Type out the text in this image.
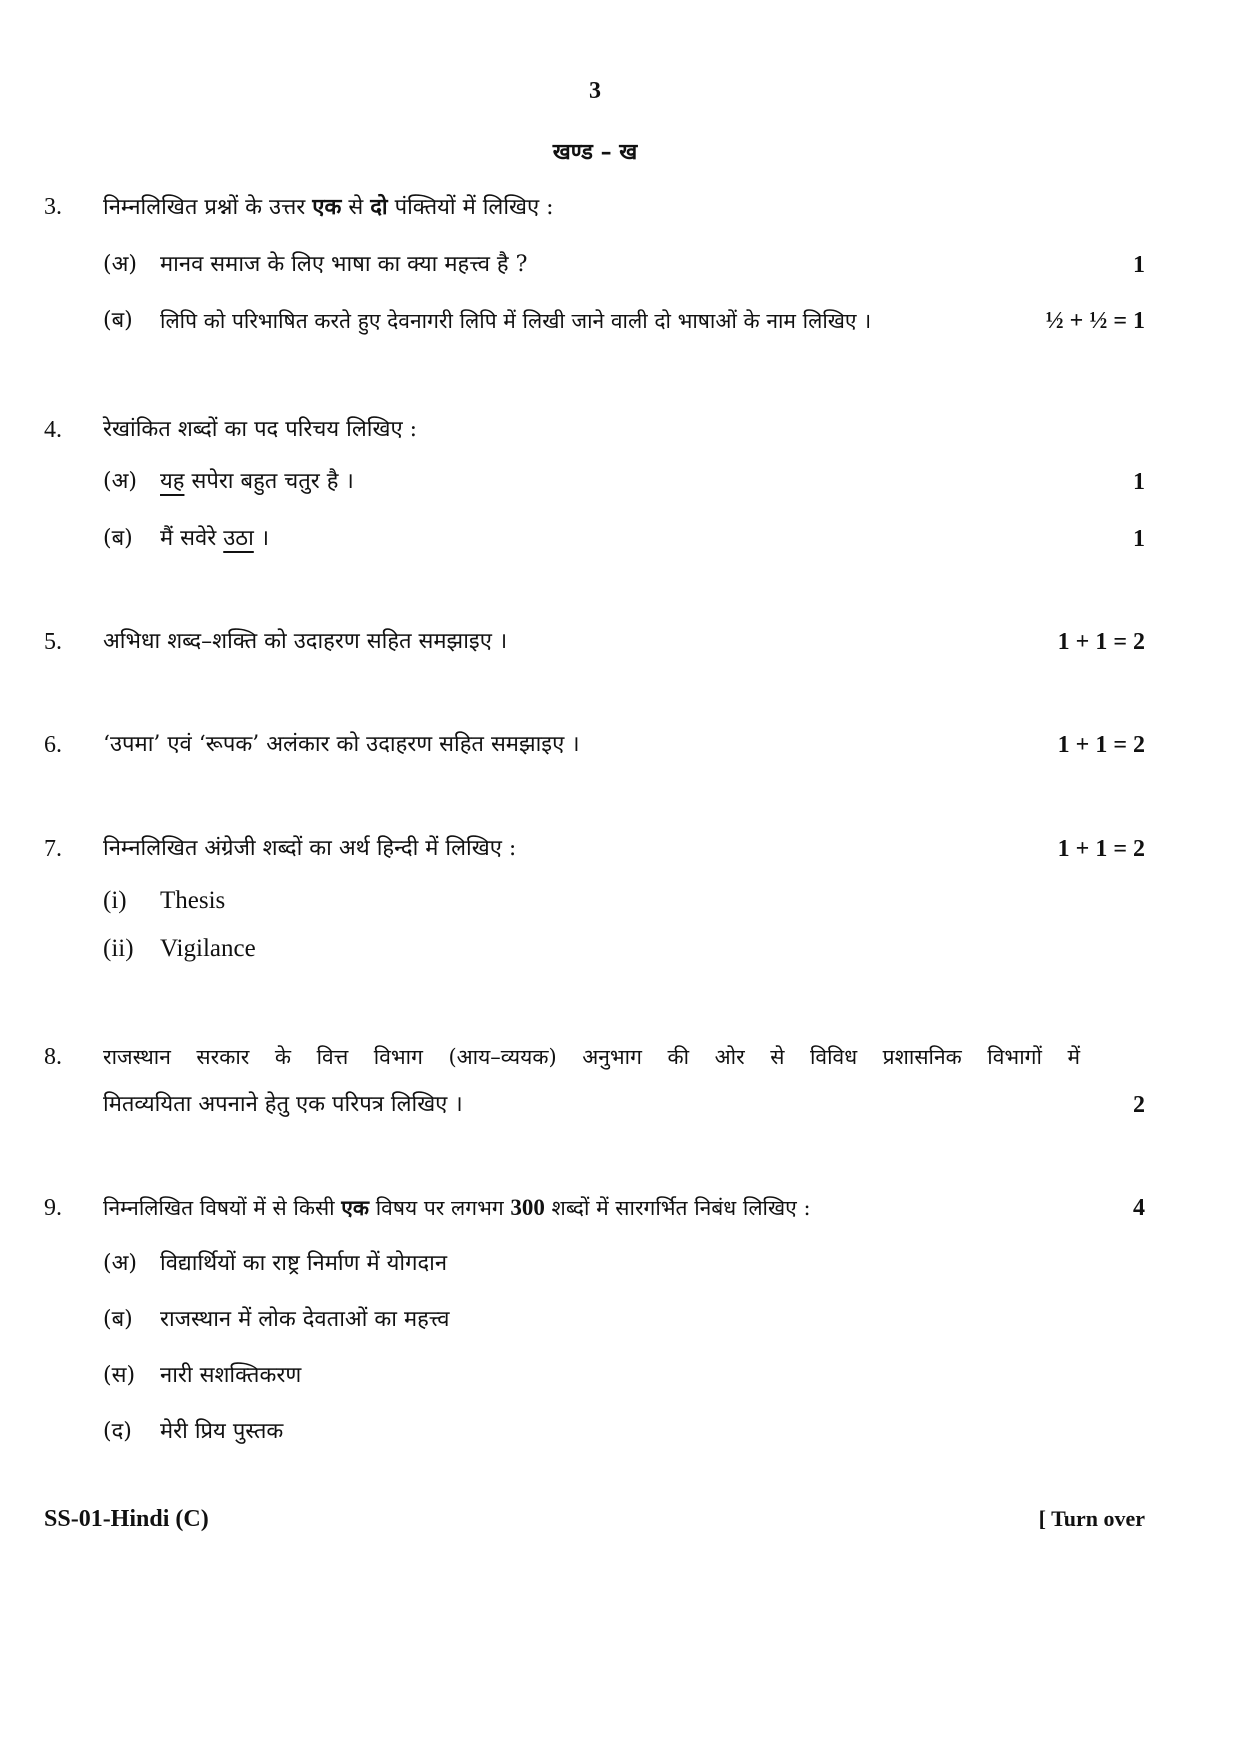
3
खण्ड – ख
3. निम्नलिखित प्रश्नों के उत्तर एक से दो पंक्तियों में लिखिए :
(अ) मानव समाज के लिए भाषा का क्या महत्त्व है ?	1
(ब) लिपि को परिभाषित करते हुए देवनागरी लिपि में लिखी जाने वाली दो भाषाओं के नाम लिखिए ।	½ + ½ = 1
4. रेखांकित शब्दों का पद परिचय लिखिए :
(अ) यह सपेरा बहुत चतुर है ।	1
(ब) मैं सवेरे उठा ।	1
5. अभिधा शब्द–शक्ति को उदाहरण सहित समझाइए ।	1 + 1 = 2
6. ‘उपमा’ एवं ‘रूपक’ अलंकार को उदाहरण सहित समझाइए ।	1 + 1 = 2
7. निम्नलिखित अंग्रेजी शब्दों का अर्थ हिन्दी में लिखिए :	1 + 1 = 2
(i) Thesis
(ii) Vigilance
8. राजस्थान सरकार के वित्त विभाग (आय–व्ययक) अनुभाग की ओर से विविध प्रशासनिक विभागों में
मितव्ययिता अपनाने हेतु एक परिपत्र लिखिए ।	2
9. निम्नलिखित विषयों में से किसी एक विषय पर लगभग 300 शब्दों में सारगर्भित निबंध लिखिए :	4
(अ) विद्यार्थियों का राष्ट्र निर्माण में योगदान
(ब) राजस्थान में लोक देवताओं का महत्त्व
(स) नारी सशक्तिकरण
(द) मेरी प्रिय पुस्तक
SS-01-Hindi (C)	[ Turn over
